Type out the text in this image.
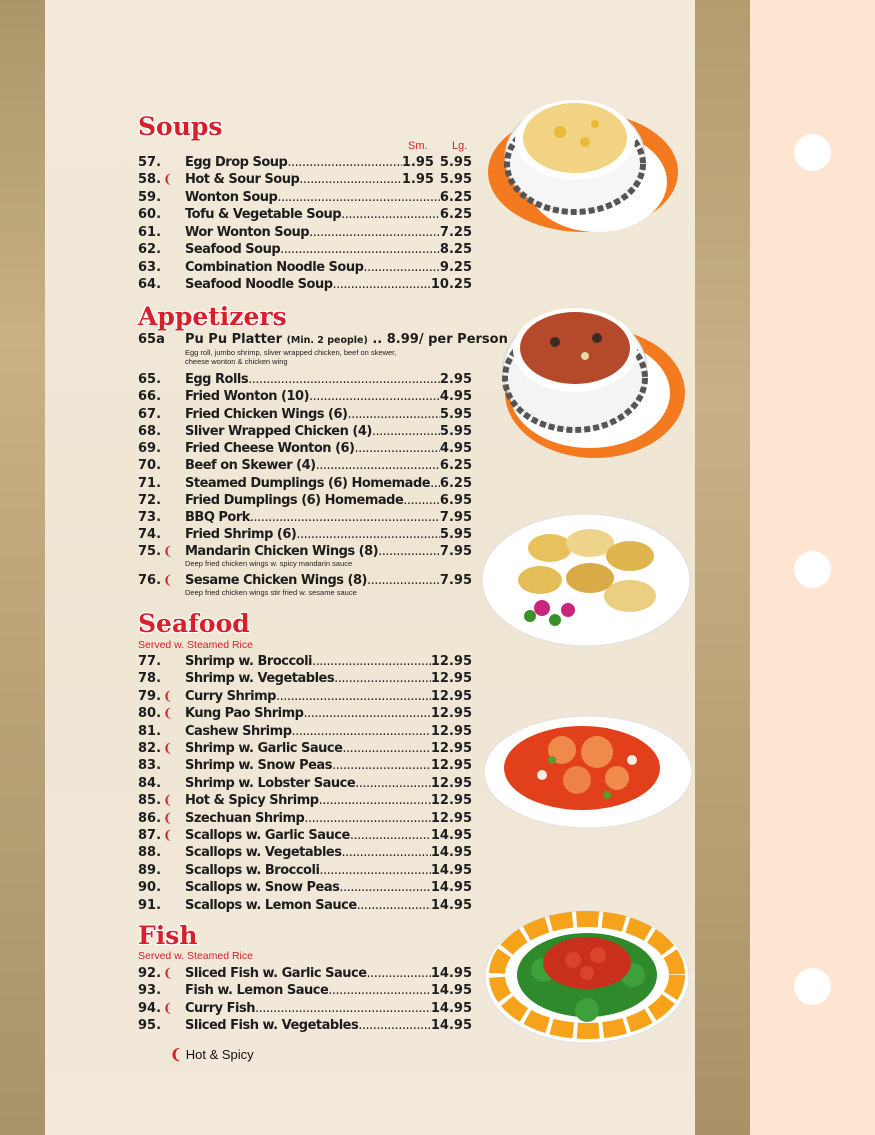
Soups
Sm. Lg.
Appetizers
65a	Pu Pu Platter (Min. 2 people) .. 8.99/ per Person
Egg roll, jumbo shrimp, sliver wrapped chicken, beef on skewer,
cheese wonton & chicken wing
Seafood
Served w. Steamed Rice
Fish
Served w. Steamed Rice
57.	Egg Drop Soup .....	1.95 5.95
58. ❨ Hot & Sour Soup .....	1.95 5.95
59.	Wonton Soup .....	6.25
60.	Tofu & Vegetable Soup .....	6.25
61.	Wor Wonton Soup .....	7.25
62.	Seafood Soup .....	8.25
63.	Combination Noodle Soup .....	9.25
64.	Seafood Noodle Soup .....	10.25
65.	Egg Rolls .....	2.95
66.	Fried Wonton (10) .....	4.95
67.	Fried Chicken Wings (6) .....	5.95
68.	Sliver Wrapped Chicken (4) .....	5.95
69.	Fried Cheese Wonton (6) .....	4.95
70.	Beef on Skewer (4) .....	6.25
71.	Steamed Dumplings (6) Homemade ..... 6.25
72.	Fried Dumplings (6) Homemade .....	6.95
73.	BBQ Pork .....	7.95
74.	Fried Shrimp (6) .....	5.95
75. ❨ Mandarin Chicken Wings (8) .....	7.95
Deep fried chicken wings w. spicy mandarin sauce
76. ❨ Sesame Chicken Wings (8) .....	7.95
Deep fried chicken wings stir fried w. sesame sauce
77.	Shrimp w. Broccoli .....	12.95
78.	Shrimp w. Vegetables .....	12.95
79. ❨ Curry Shrimp .....	12.95
80. ❨ Kung Pao Shrimp .....	12.95
81.	Cashew Shrimp .....	12.95
82. ❨ Shrimp w. Garlic Sauce .....	12.95
83.	Shrimp w. Snow Peas .....	12.95
84.	Shrimp w. Lobster Sauce .....	12.95
85. ❨ Hot & Spicy Shrimp .....	12.95
86. ❨ Szechuan Shrimp .....	12.95
87. ❨ Scallops w. Garlic Sauce .....	14.95
88.	Scallops w. Vegetables .....	14.95
89.	Scallops w. Broccoli .....	14.95
90.	Scallops w. Snow Peas .....	14.95
91.	Scallops w. Lemon Sauce .....	14.95
92. ❨ Sliced Fish w. Garlic Sauce .....	14.95
93.	Fish w. Lemon Sauce .....	14.95
94. ❨ Curry Fish .....	14.95
95.	Sliced Fish w. Vegetables .....	14.95
❨ Hot & Spicy
